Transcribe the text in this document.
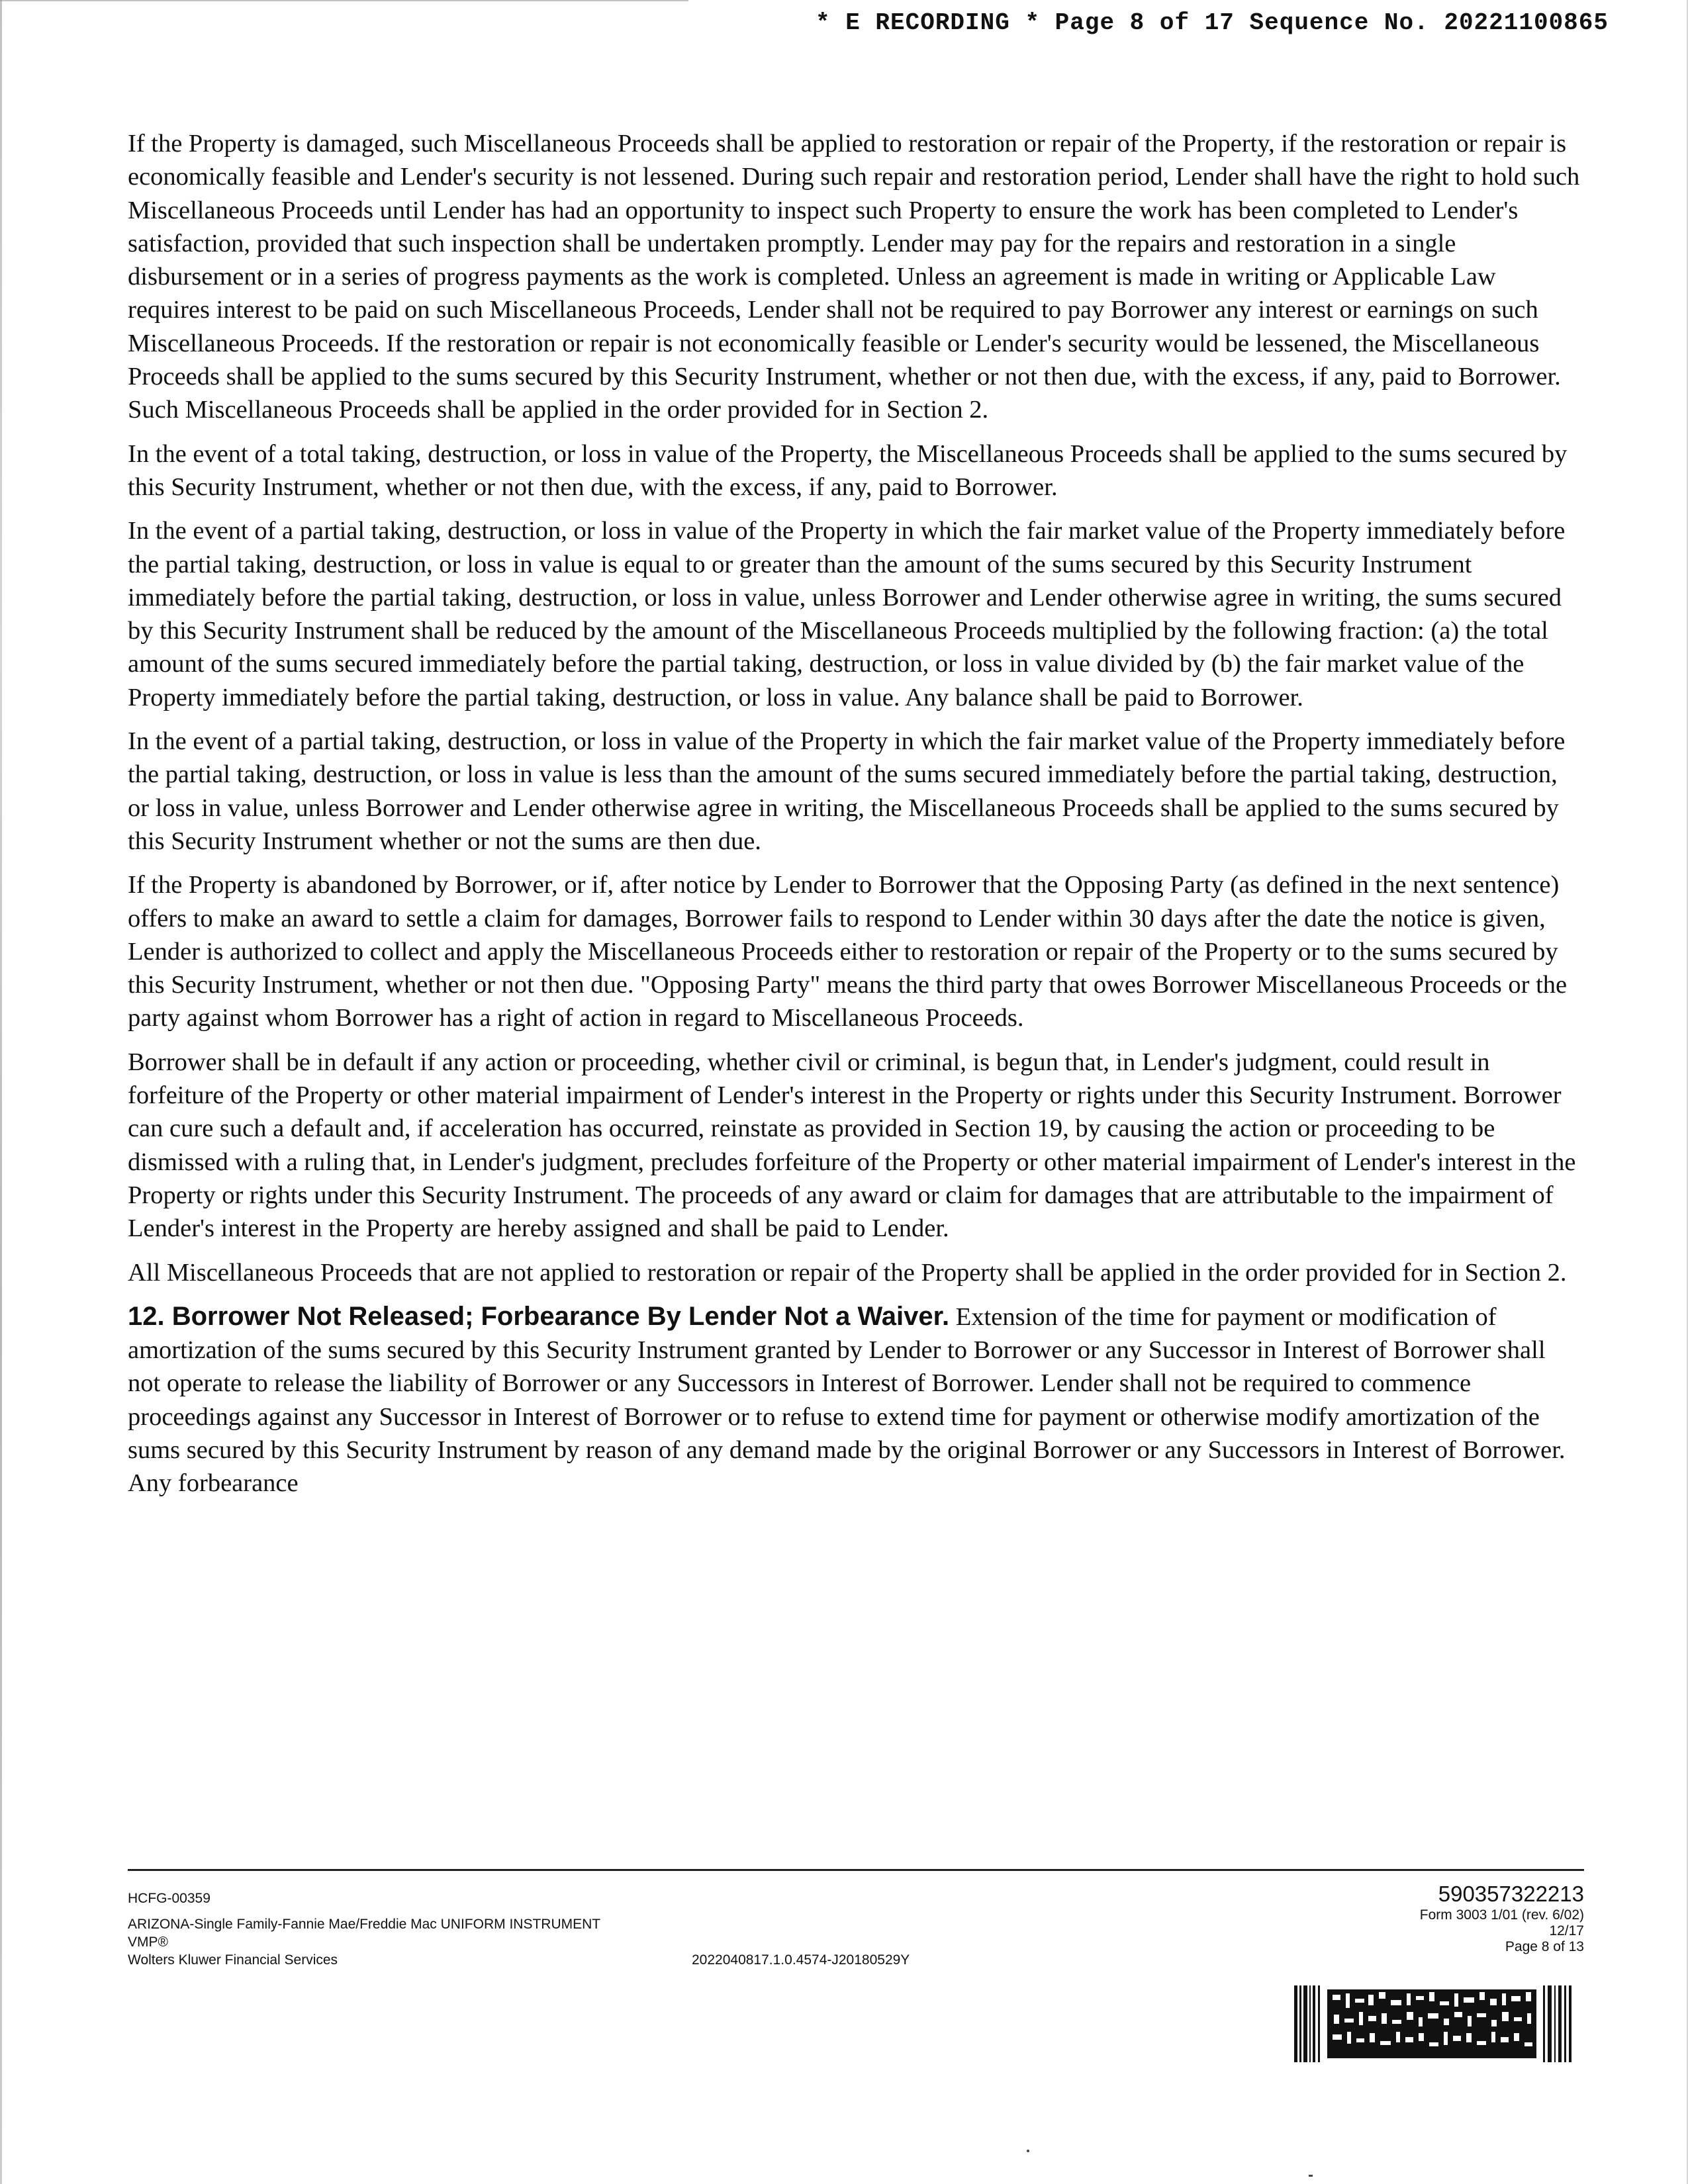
* E RECORDING * Page 8 of 17 Sequence No. 20221100865

If the Property is damaged, such Miscellaneous Proceeds shall be applied to restoration or repair of the Property, if the restoration or repair is economically feasible and Lender's security is not lessened. During such repair and restoration period, Lender shall have the right to hold such Miscellaneous Proceeds until Lender has had an opportunity to inspect such Property to ensure the work has been completed to Lender's satisfaction, provided that such inspection shall be undertaken promptly. Lender may pay for the repairs and restoration in a single disbursement or in a series of progress payments as the work is completed. Unless an agreement is made in writing or Applicable Law requires interest to be paid on such Miscellaneous Proceeds, Lender shall not be required to pay Borrower any interest or earnings on such Miscellaneous Proceeds. If the restoration or repair is not economically feasible or Lender's security would be lessened, the Miscellaneous Proceeds shall be applied to the sums secured by this Security Instrument, whether or not then due, with the excess, if any, paid to Borrower. Such Miscellaneous Proceeds shall be applied in the order provided for in Section 2.

In the event of a total taking, destruction, or loss in value of the Property, the Miscellaneous Proceeds shall be applied to the sums secured by this Security Instrument, whether or not then due, with the excess, if any, paid to Borrower.

In the event of a partial taking, destruction, or loss in value of the Property in which the fair market value of the Property immediately before the partial taking, destruction, or loss in value is equal to or greater than the amount of the sums secured by this Security Instrument immediately before the partial taking, destruction, or loss in value, unless Borrower and Lender otherwise agree in writing, the sums secured by this Security Instrument shall be reduced by the amount of the Miscellaneous Proceeds multiplied by the following fraction: (a) the total amount of the sums secured immediately before the partial taking, destruction, or loss in value divided by (b) the fair market value of the Property immediately before the partial taking, destruction, or loss in value. Any balance shall be paid to Borrower.

In the event of a partial taking, destruction, or loss in value of the Property in which the fair market value of the Property immediately before the partial taking, destruction, or loss in value is less than the amount of the sums secured immediately before the partial taking, destruction, or loss in value, unless Borrower and Lender otherwise agree in writing, the Miscellaneous Proceeds shall be applied to the sums secured by this Security Instrument whether or not the sums are then due.

If the Property is abandoned by Borrower, or if, after notice by Lender to Borrower that the Opposing Party (as defined in the next sentence) offers to make an award to settle a claim for damages, Borrower fails to respond to Lender within 30 days after the date the notice is given, Lender is authorized to collect and apply the Miscellaneous Proceeds either to restoration or repair of the Property or to the sums secured by this Security Instrument, whether or not then due. "Opposing Party" means the third party that owes Borrower Miscellaneous Proceeds or the party against whom Borrower has a right of action in regard to Miscellaneous Proceeds.

Borrower shall be in default if any action or proceeding, whether civil or criminal, is begun that, in Lender's judgment, could result in forfeiture of the Property or other material impairment of Lender's interest in the Property or rights under this Security Instrument. Borrower can cure such a default and, if acceleration has occurred, reinstate as provided in Section 19, by causing the action or proceeding to be dismissed with a ruling that, in Lender's judgment, precludes forfeiture of the Property or other material impairment of Lender's interest in the Property or rights under this Security Instrument. The proceeds of any award or claim for damages that are attributable to the impairment of Lender's interest in the Property are hereby assigned and shall be paid to Lender.

All Miscellaneous Proceeds that are not applied to restoration or repair of the Property shall be applied in the order provided for in Section 2.

12. Borrower Not Released; Forbearance By Lender Not a Waiver. Extension of the time for payment or modification of amortization of the sums secured by this Security Instrument granted by Lender to Borrower or any Successor in Interest of Borrower shall not operate to release the liability of Borrower or any Successors in Interest of Borrower. Lender shall not be required to commence proceedings against any Successor in Interest of Borrower or to refuse to extend time for payment or otherwise modify amortization of the sums secured by this Security Instrument by reason of any demand made by the original Borrower or any Successors in Interest of Borrower. Any forbearance

HCFG-00359
ARIZONA-Single Family-Fannie Mae/Freddie Mac UNIFORM INSTRUMENT
VMP®
Wolters Kluwer Financial Services	2022040817.1.0.4574-J20180529Y
590357322213
Form 3003 1/01 (rev. 6/02)
12/17
Page 8 of 13
